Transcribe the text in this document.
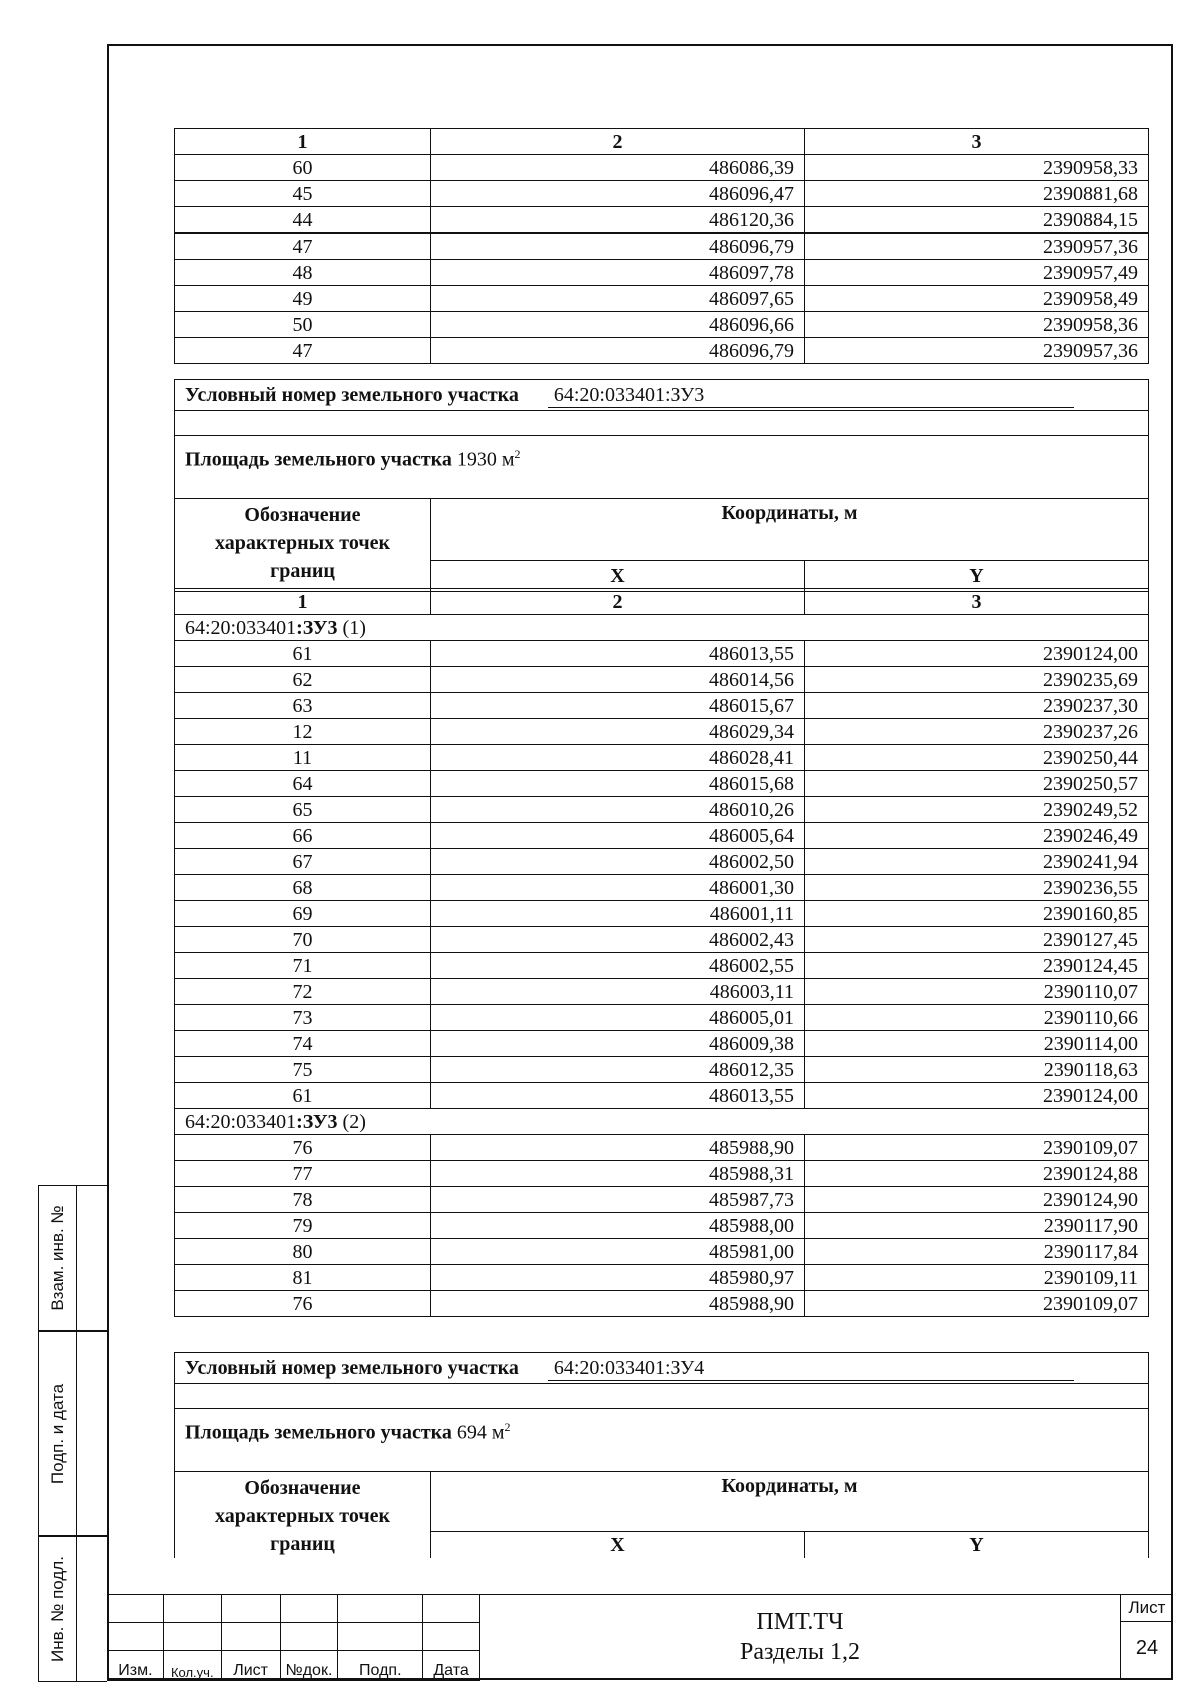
Взам. инв. №
Подп. и дата
Инв. № подл.
1	2	3
60	486086,39	2390958,33
45	486096,47	2390881,68
44	486120,36	2390884,15
47	486096,79	2390957,36
48	486097,78	2390957,49
49	486097,65	2390958,49
50	486096,66	2390958,36
47	486096,79	2390957,36
Условный номер земельного участка 64:20:033401:ЗУ3		

Площадь земельного участка 1930 $м^2$
Обозначение характерных точек границ	Координаты, м	
	X	Y
1	2	3
64:20:033401:ЗУ3 (1)		
61	486013,55	2390124,00
62	486014,56	2390235,69
63	486015,67	2390237,30
12	486029,34	2390237,26
11	486028,41	2390250,44
64	486015,68	2390250,57
65	486010,26	2390249,52
66	486005,64	2390246,49
67	486002,50	2390241,94
68	486001,30	2390236,55
69	486001,11	2390160,85
70	486002,43	2390127,45
71	486002,55	2390124,45
72	486003,11	2390110,07
73	486005,01	2390110,66
74	486009,38	2390114,00
75	486012,35	2390118,63
61	486013,55	2390124,00
64:20:033401:ЗУ3 (2)		
76	485988,90	2390109,07
77	485988,31	2390124,88
78	485987,73	2390124,90
79	485988,00	2390117,90
80	485981,00	2390117,84
81	485980,97	2390109,11
76	485988,90	2390109,07
Условный номер земельного участка 64:20:033401:ЗУ4		

Площадь земельного участка 694 $м^2$
Обозначение характерных точек границ	Координаты, м	
	X	Y

Изм.	Кол.уч.	Лист	№док.	Подп.	Дата
ПМТ.ТЧ
Разделы 1,2
Лист
24
